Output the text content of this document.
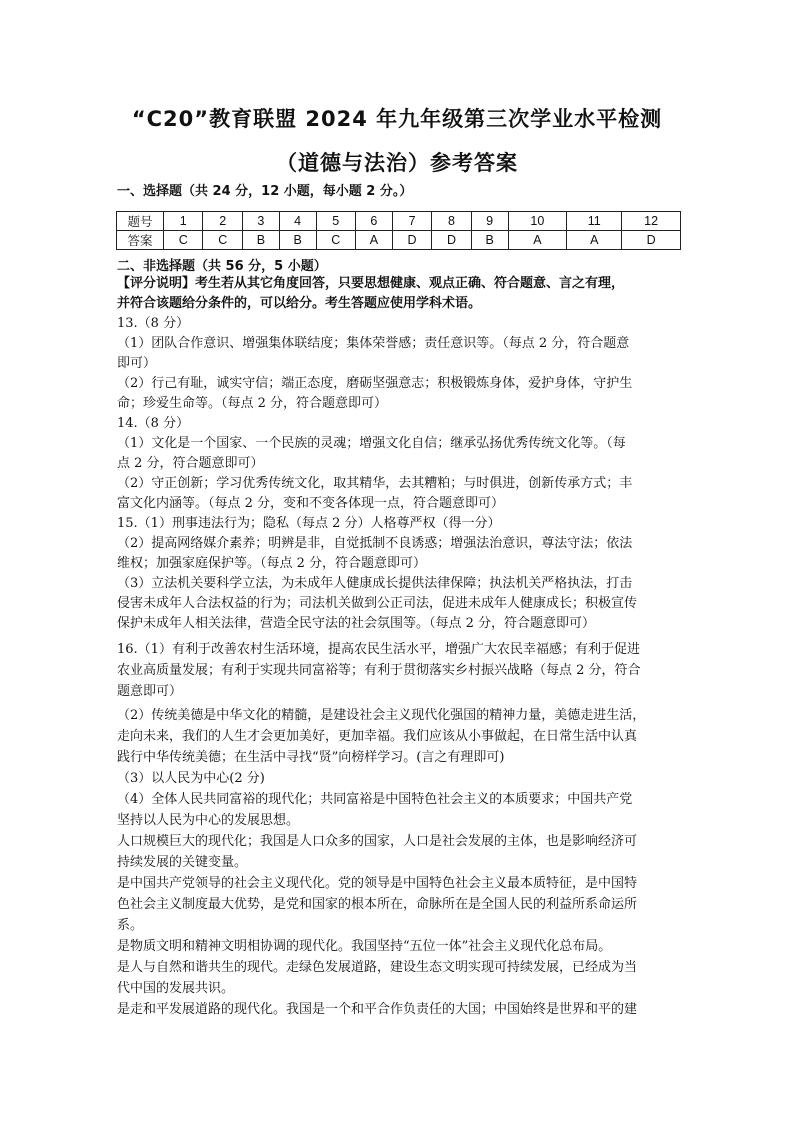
“C20”教育联盟 2024 年九年级第三次学业水平检测
（道德与法治）参考答案
一、选择题（共 24 分，12 小题，每小题 2 分。）
题号	1	2	3	4	5	6	7	8	9	10	11	12
答案	C	C	B	B	C	A	D	D	B	A	A	D
二、非选择题（共 56 分，5 小题）
【评分说明】考生若从其它角度回答，只要思想健康、观点正确、符合题意、言之有理，
并符合该题给分条件的，可以给分。考生答题应使用学科术语。
13.（8 分）
（1）团队合作意识、增强集体联结度；集体荣誉感；责任意识等。（每点 2 分，符合题意
即可）
（2）行己有耻，诚实守信；端正态度，磨砺坚强意志；积极锻炼身体，爱护身体，守护生
命；珍爱生命等。（每点 2 分，符合题意即可）
14.（8 分）
（1）文化是一个国家、一个民族的灵魂；增强文化自信；继承弘扬优秀传统文化等。（每
点 2 分，符合题意即可）
（2）守正创新；学习优秀传统文化，取其精华，去其糟粕；与时俱进，创新传承方式；丰
富文化内涵等。（每点 2 分，变和不变各体现一点，符合题意即可）
15.（1）刑事违法行为；隐私（每点 2 分）人格尊严权（得一分）
（2）提高网络媒介素养；明辨是非，自觉抵制不良诱惑；增强法治意识，尊法守法；依法
维权；加强家庭保护等。（每点 2 分，符合题意即可）
（3）立法机关要科学立法，为未成年人健康成长提供法律保障；执法机关严格执法，打击
侵害未成年人合法权益的行为；司法机关做到公正司法，促进未成年人健康成长；积极宣传
保护未成年人相关法律，营造全民守法的社会氛围等。（每点 2 分，符合题意即可）
16.（1）有利于改善农村生活环境，提高农民生活水平，增强广大农民幸福感；有利于促进
农业高质量发展；有利于实现共同富裕等；有利于贯彻落实乡村振兴战略（每点 2 分，符合
题意即可）
（2）传统美德是中华文化的精髓，是建设社会主义现代化强国的精神力量，美德走进生活，
走向未来，我们的人生才会更加美好，更加幸福。我们应该从小事做起，在日常生活中认真
践行中华传统美德；在生活中寻找“贤”向榜样学习。(言之有理即可)
（3）以人民为中心(2 分)
（4）全体人民共同富裕的现代化；共同富裕是中国特色社会主义的本质要求；中国共产党
坚持以人民为中心的发展思想。
人口规模巨大的现代化；我国是人口众多的国家，人口是社会发展的主体，也是影响经济可
持续发展的关键变量。
是中国共产党领导的社会主义现代化。党的领导是中国特色社会主义最本质特征，是中国特
色社会主义制度最大优势，是党和国家的根本所在，命脉所在是全国人民的利益所系命运所
系。
是物质文明和精神文明相协调的现代化。我国坚持“五位一体”社会主义现代化总布局。
是人与自然和谐共生的现代。走绿色发展道路，建设生态文明实现可持续发展，已经成为当
代中国的发展共识。
是走和平发展道路的现代化。我国是一个和平合作负责任的大国；中国始终是世界和平的建
